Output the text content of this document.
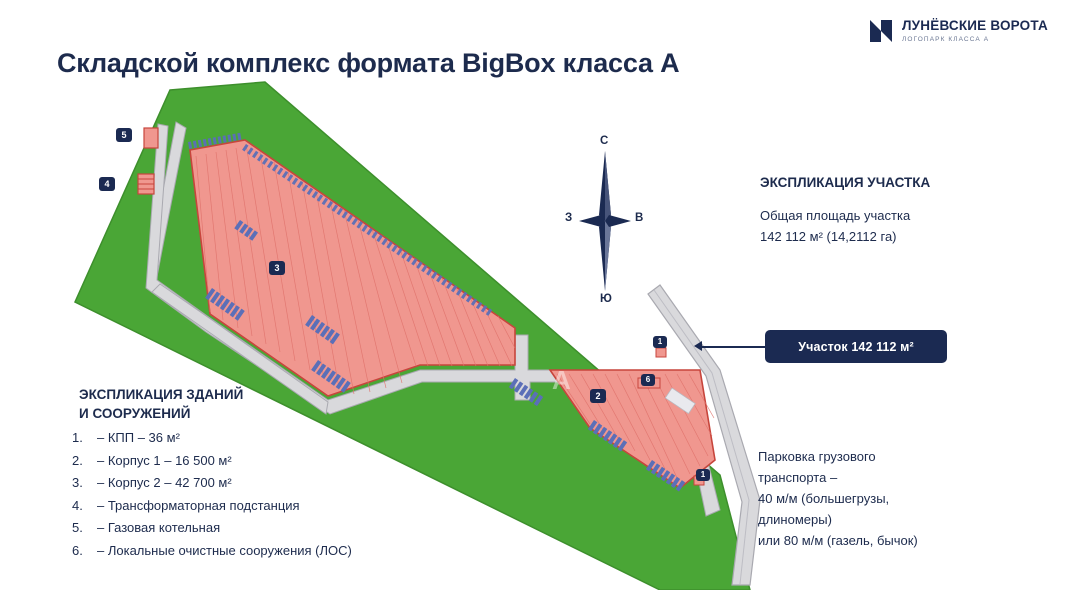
ЛУНЁВСКИЕ ВОРОТА
ЛОГОПАРК КЛАССА А
Складской комплекс формата BigBox класса А
А
1
6
2
3
4
5
1
С
Ю
З	В
ЭКСПЛИКАЦИЯ УЧАСТКА
Общая площадь участка
142 112 м² (14,2112 га)
Участок 142 112 м²
ЭКСПЛИКАЦИЯ ЗДАНИЙ
И СООРУЖЕНИЙ
1.	– КПП – 36 м²
2.	– Корпус 1 – 16 500 м²
3.	– Корпус 2 – 42 700 м²
4.	– Трансформаторная подстанция
5.	– Газовая котельная
6.	– Локальные очистные сооружения (ЛОС)
Парковка грузового
транспорта –
40 м/м (большегрузы,
длиномеры)
или 80 м/м (газель, бычок)
